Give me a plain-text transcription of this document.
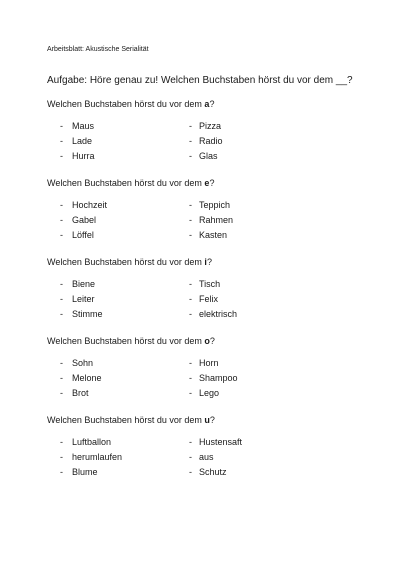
Arbeitsblatt: Akustische Serialität
Aufgabe: Höre genau zu! Welchen Buchstaben hörst du vor dem __?
Welchen Buchstaben hörst du vor dem a?
- Maus
- Lade
- Hurra
- Pizza
- Radio
- Glas
Welchen Buchstaben hörst du vor dem e?
- Hochzeit
- Gabel
- Löffel
- Teppich
- Rahmen
- Kasten
Welchen Buchstaben hörst du vor dem i?
- Biene
- Leiter
- Stimme
- Tisch
- Felix
- elektrisch
Welchen Buchstaben hörst du vor dem o?
- Sohn
- Melone
- Brot
- Horn
- Shampoo
- Lego
Welchen Buchstaben hörst du vor dem u?
- Luftballon
- herumlaufen
- Blume
- Hustensaft
- aus
- Schutz
